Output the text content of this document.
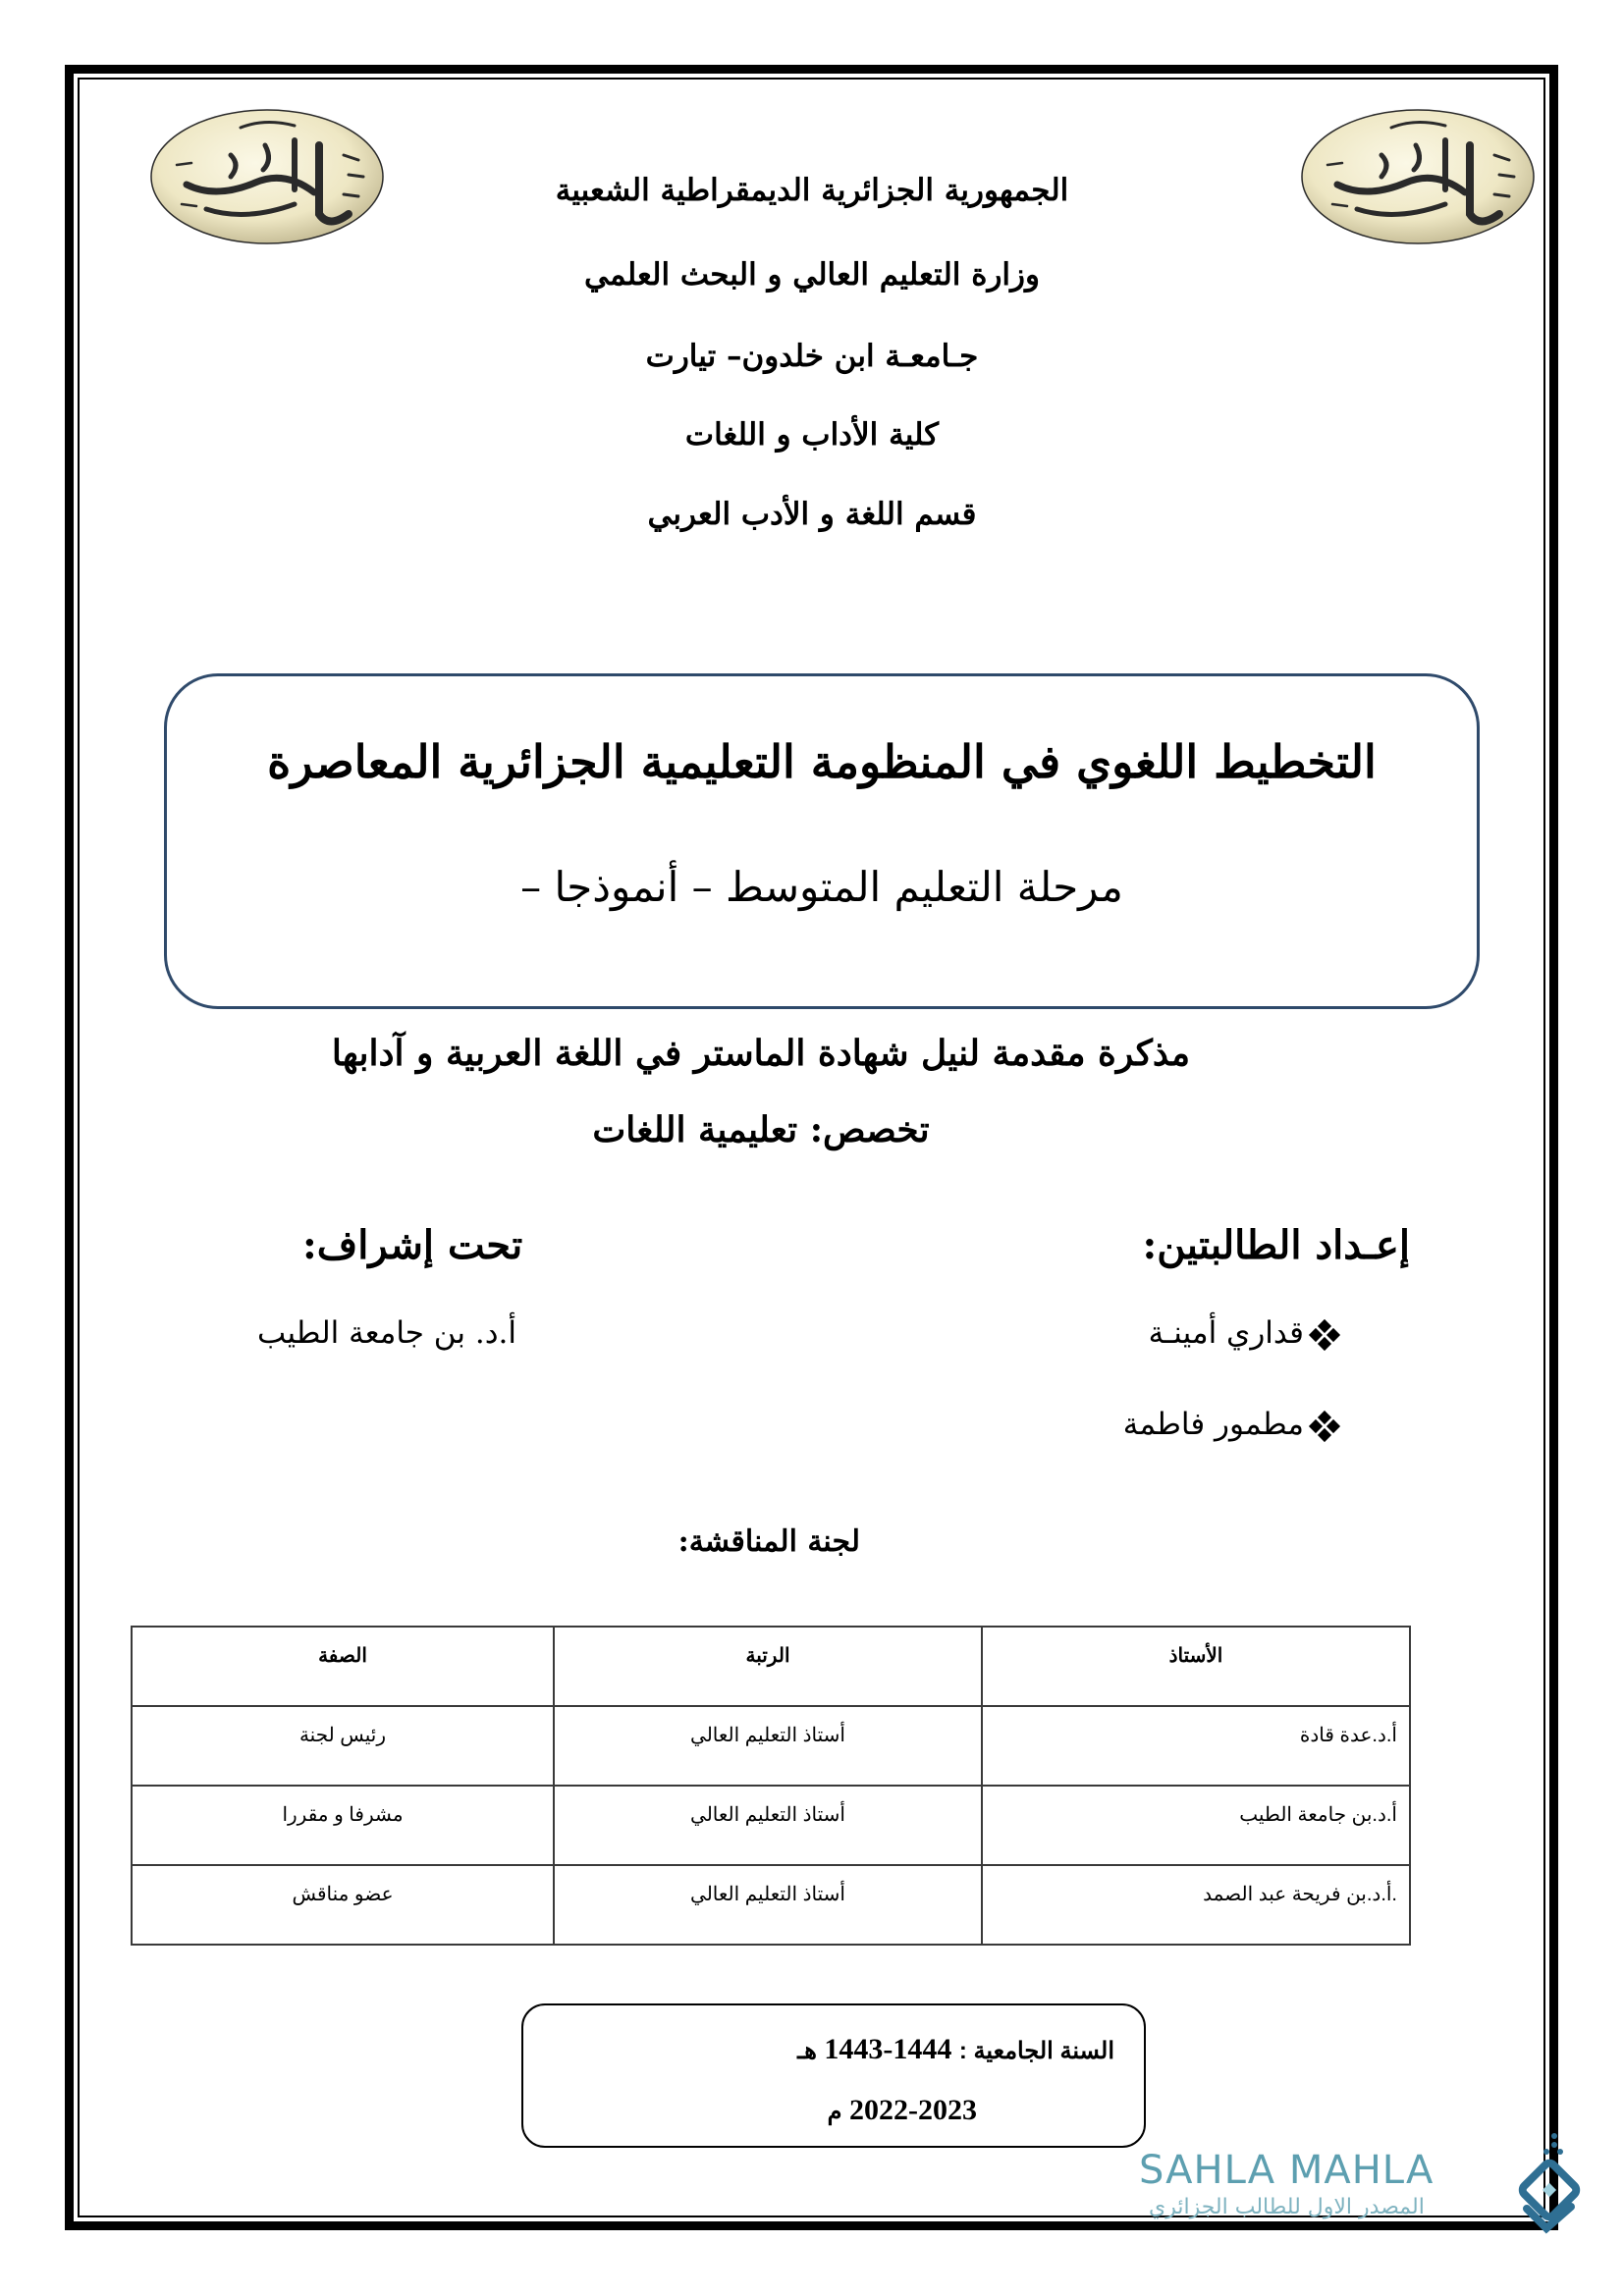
الجمهورية الجزائرية الديمقراطية الشعبية
وزارة التعليم العالي و البحث العلمي
جـامعـة ابن خلدون– تيارت
كلية الأداب و اللغات
قسم اللغة و الأدب العربي
التخطيط اللغوي في المنظومة التعليمية الجزائرية المعاصرة
مرحلة التعليم المتوسط – أنموذجا –
مذكرة مقدمة لنيل شهادة الماستر في اللغة العربية و آدابها
تخصص: تعليمية اللغات
إعـداد الطالبتين:
تحت إشراف:
قداري أمينـة
مطمور فاطمة
أ.د. بن جامعة الطيب
لجنة المناقشة:
الأستاذ	الرتبة	الصفة
أ.د.عدة قادة	أستاذ التعليم العالي	رئيس لجنة
أ.د.بن جامعة الطيب	أستاذ التعليم العالي	مشرفا و مقررا
.أ.د.بن فريحة عبد الصمد	أستاذ التعليم العالي	عضو مناقش
السنة الجامعية : 1443-1444 هـ
2022-2023 م
SAHLA MAHLA
المصدر الاول للطالب الجزائري
